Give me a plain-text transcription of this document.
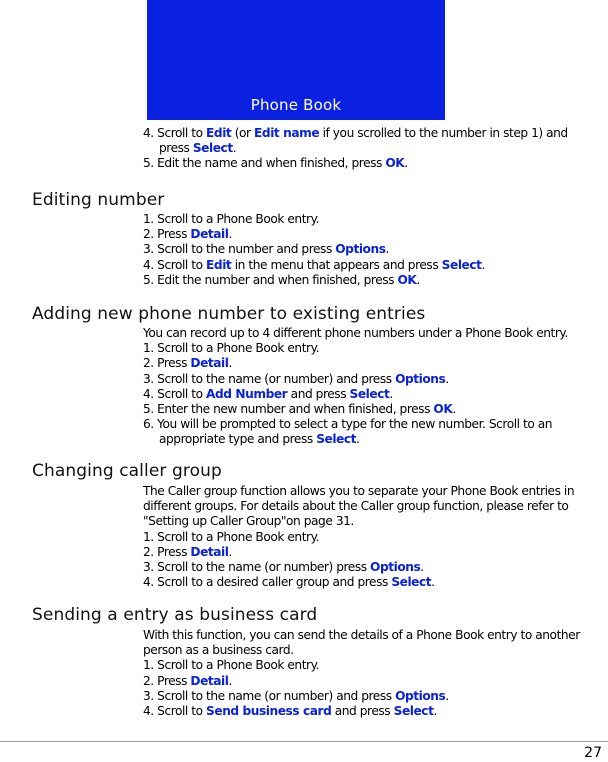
Phone Book
4. Scroll to Edit (or Edit name if you scrolled to the number in step 1) and
press Select.
5. Edit the name and when finished, press OK.
Editing number
1. Scroll to a Phone Book entry.
2. Press Detail.
3. Scroll to the number and press Options.
4. Scroll to Edit in the menu that appears and press Select.
5. Edit the number and when finished, press OK.
Adding new phone number to existing entries
You can record up to 4 different phone numbers under a Phone Book entry.
1. Scroll to a Phone Book entry.
2. Press Detail.
3. Scroll to the name (or number) and press Options.
4. Scroll to Add Number and press Select.
5. Enter the new number and when finished, press OK.
6. You will be prompted to select a type for the new number. Scroll to an
appropriate type and press Select.
Changing caller group
The Caller group function allows you to separate your Phone Book entries in
different groups. For details about the Caller group function, please refer to
"Setting up Caller Group"on page 31.
1. Scroll to a Phone Book entry.
2. Press Detail.
3. Scroll to the name (or number) press Options.
4. Scroll to a desired caller group and press Select.
Sending a entry as business card
With this function, you can send the details of a Phone Book entry to another
person as a business card.
1. Scroll to a Phone Book entry.
2. Press Detail.
3. Scroll to the name (or number) and press Options.
4. Scroll to Send business card and press Select.
27
